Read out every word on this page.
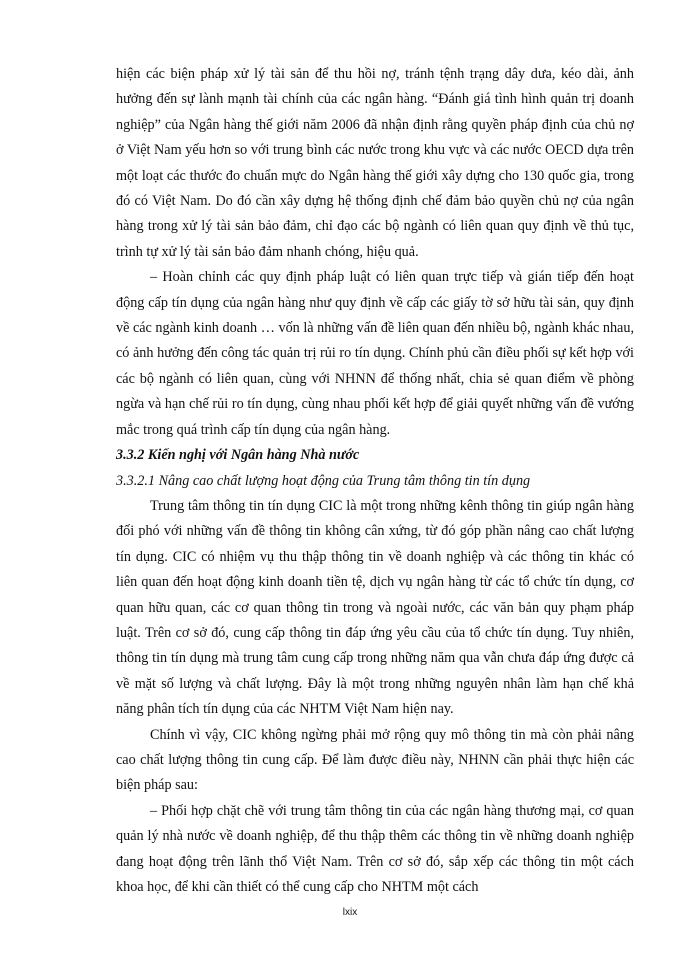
hiện các biện pháp xử lý tài sản để thu hồi nợ, tránh tệnh trạng dây dưa, kéo dài, ảnh hưởng đến sự lành mạnh tài chính của các ngân hàng. “Đánh giá tình hình quản trị doanh nghiệp” của Ngân hàng thế giới năm 2006 đã nhận định rằng quyền pháp định của chủ nợ ở Việt Nam yếu hơn so với trung bình các nước trong khu vực và các nước OECD dựa trên một loạt các thước đo chuẩn mực do Ngân hàng thế giới xây dựng cho 130 quốc gia, trong đó có Việt Nam. Do đó cần xây dựng hệ thống định chế đảm bảo quyền chủ nợ của ngân hàng trong xử lý tài sản bảo đảm, chỉ đạo các bộ ngành có liên quan quy định về thủ tục, trình tự xử lý tài sản bảo đảm nhanh chóng, hiệu quả.

– Hoàn chỉnh các quy định pháp luật có liên quan trực tiếp và gián tiếp đến hoạt động cấp tín dụng của ngân hàng như quy định về cấp các giấy tờ sở hữu tài sản, quy định về các ngành kinh doanh … vốn là những vấn đề liên quan đến nhiều bộ, ngành khác nhau, có ảnh hưởng đến công tác quản trị rủi ro tín dụng. Chính phủ cần điều phối sự kết hợp với các bộ ngành có liên quan, cùng với NHNN để thống nhất, chia sẻ quan điểm về phòng ngừa và hạn chế rủi ro tín dụng, cùng nhau phối kết hợp để giải quyết những vấn đề vướng mắc trong quá trình cấp tín dụng của ngân hàng.

3.3.2 Kiến nghị với Ngân hàng Nhà nước

3.3.2.1 Nâng cao chất lượng hoạt động của Trung tâm thông tin tín dụng

Trung tâm thông tin tín dụng CIC là một trong những kênh thông tin giúp ngân hàng đối phó với những vấn đề thông tin không cân xứng, từ đó góp phần nâng cao chất lượng tín dụng. CIC có nhiệm vụ thu thập thông tin về doanh nghiệp và các thông tin khác có liên quan đến hoạt động kinh doanh tiền tệ, dịch vụ ngân hàng từ các tổ chức tín dụng, cơ quan hữu quan, các cơ quan thông tin trong và ngoài nước, các văn bản quy phạm pháp luật. Trên cơ sở đó, cung cấp thông tin đáp ứng yêu cầu của tổ chức tín dụng. Tuy nhiên, thông tin tín dụng mà trung tâm cung cấp trong những năm qua vẫn chưa đáp ứng được cả về mặt số lượng và chất lượng. Đây là một trong những nguyên nhân làm hạn chế khả năng phân tích tín dụng của các NHTM Việt Nam hiện nay.

Chính vì vậy, CIC không ngừng phải mở rộng quy mô thông tin mà còn phải nâng cao chất lượng thông tin cung cấp. Để làm được điều này, NHNN cần phải thực hiện các biện pháp sau:

– Phối hợp chặt chẽ với trung tâm thông tin của các ngân hàng thương mại, cơ quan quản lý nhà nước về doanh nghiệp, để thu thập thêm các thông tin về những doanh nghiệp đang hoạt động trên lãnh thổ Việt Nam. Trên cơ sở đó, sắp xếp các thông tin một cách khoa học, để khi cần thiết có thể cung cấp cho NHTM một cách

lxix
